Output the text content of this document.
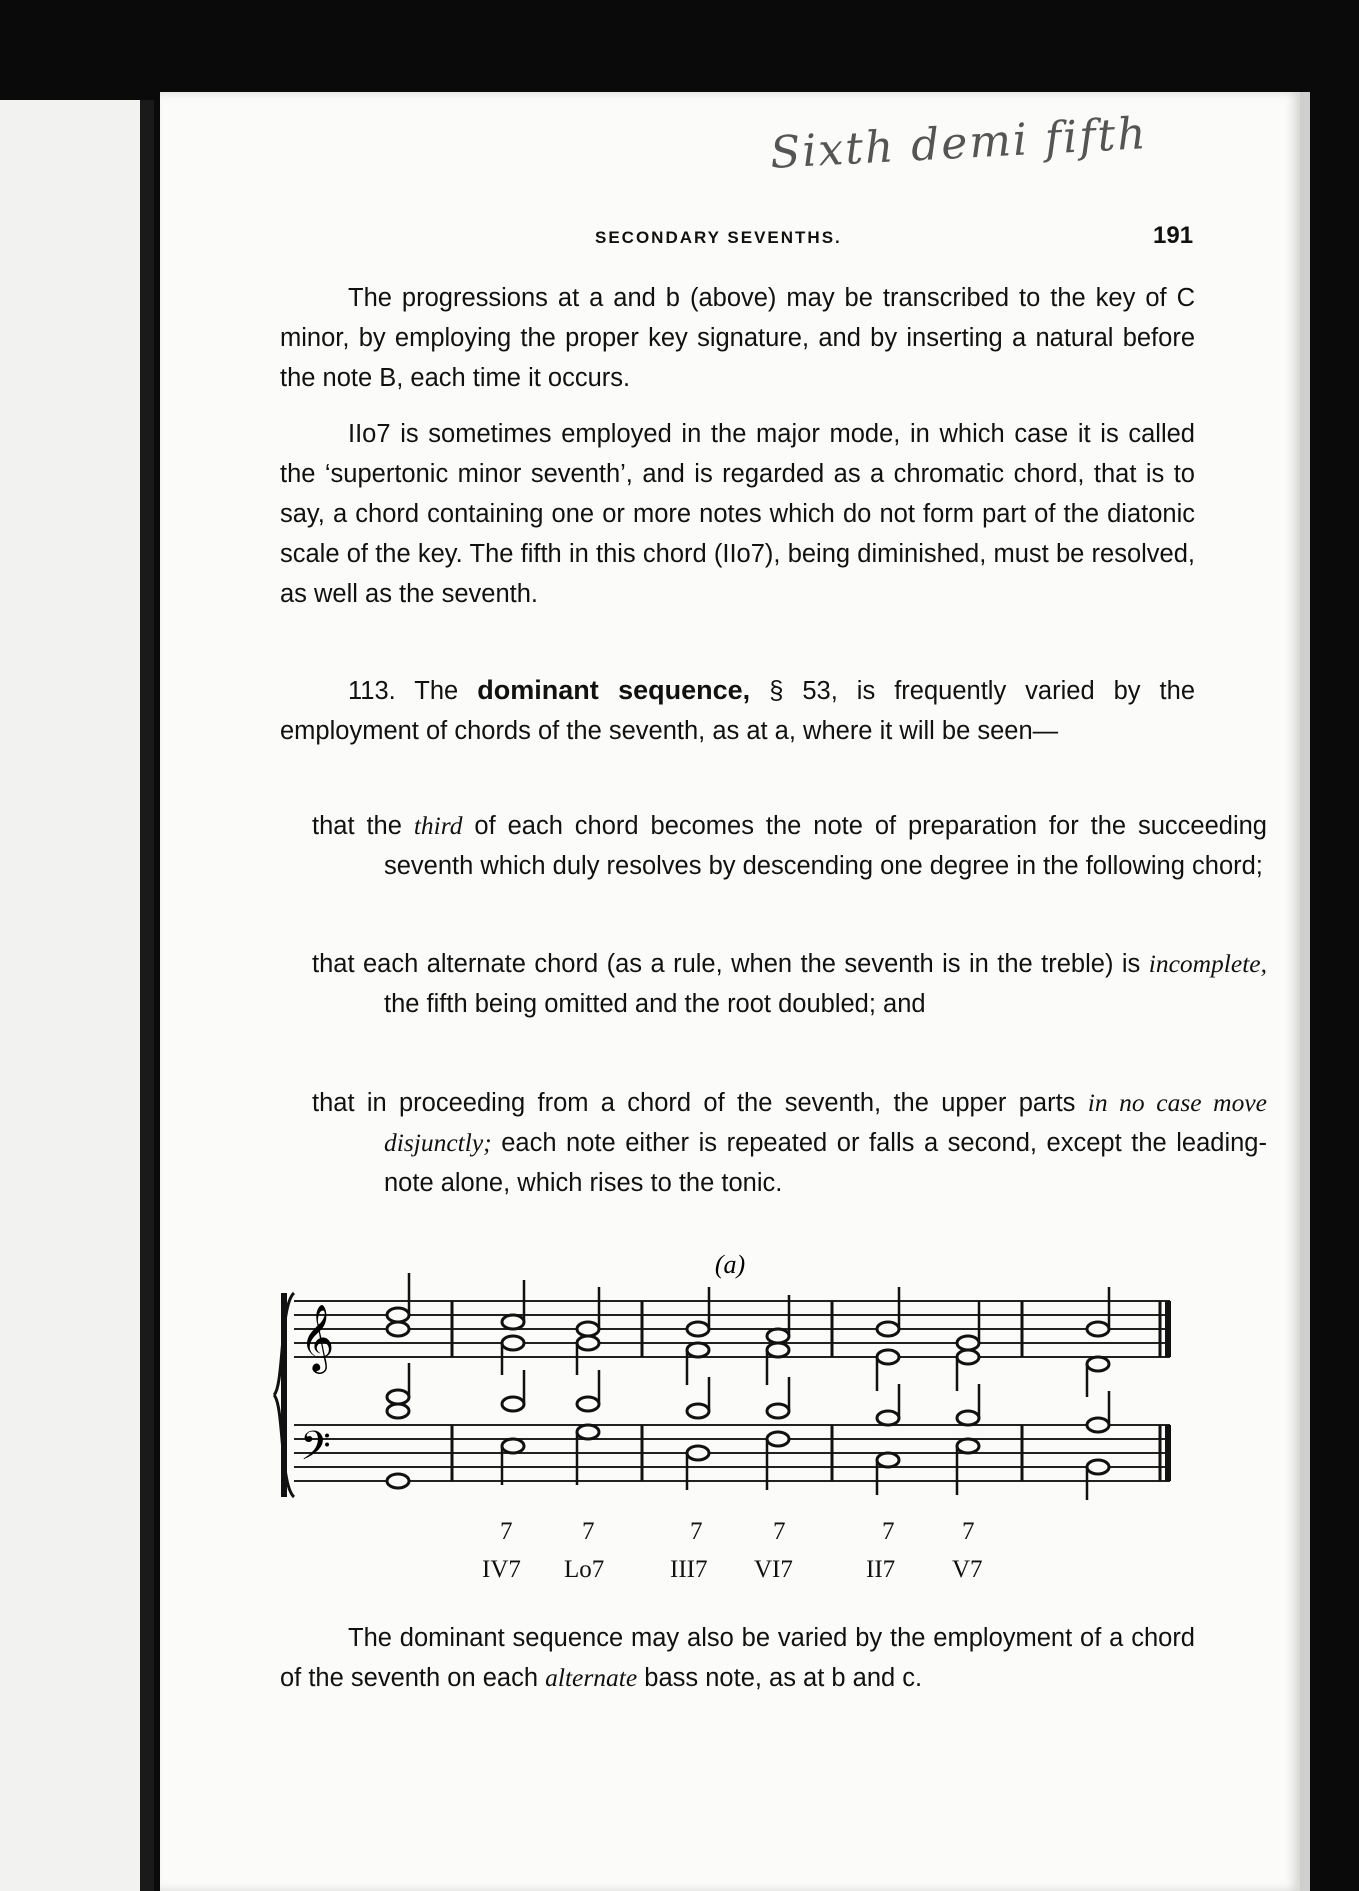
Sixth demi fifth
SECONDARY SEVENTHS.	191

The progressions at a and b (above) may be transcribed to the key of C minor, by employing the proper key signature, and by inserting a natural before the note B, each time it occurs.

IIo7 is sometimes employed in the major mode, in which case it is called the ‘supertonic minor seventh’, and is regarded as a chromatic chord, that is to say, a chord containing one or more notes which do not form part of the diatonic scale of the key. The fifth in this chord (IIo7), being diminished, must be resolved, as well as the seventh.

113. The dominant sequence, § 53, is frequently varied by the employment of chords of the seventh, as at a, where it will be seen—

that the third of each chord becomes the note of preparation for the succeeding seventh which duly resolves by descending one degree in the following chord;

that each alternate chord (as a rule, when the seventh is in the treble) is incomplete, the fifth being omitted and the root doubled; and

that in proceeding from a chord of the seventh, the upper parts in no case move disjunctly; each note either is repeated or falls a second, except the leading-note alone, which rises to the tonic.

(a)
𝄞
𝄢
7	7	7	7	7	7
IV7 Lo7	III7 VI7	II7 V7

The dominant sequence may also be varied by the employment of a chord of the seventh on each alternate bass note, as at b and c.
